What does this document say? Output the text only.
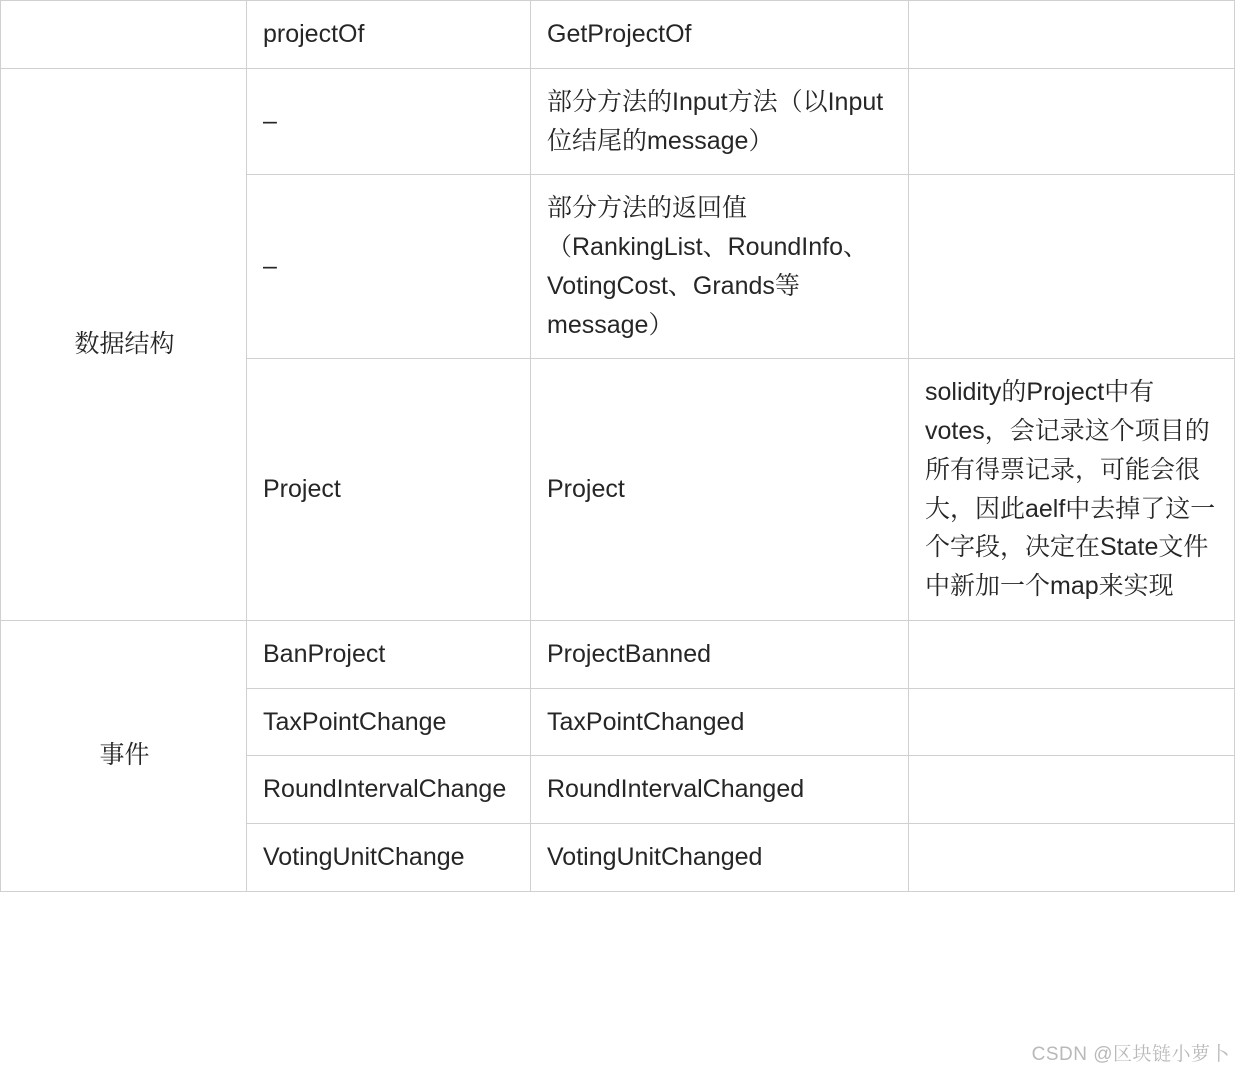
	projectOf	GetProjectOf	
数据结构	–	部分方法的Input方法（以Input位结尾的message）	
	–	部分方法的返回值（RankingList、RoundInfo、VotingCost、Grands等message）	
	Project	Project	solidity的Project中有votes，会记录这个项目的所有得票记录，可能会很大，因此aelf中去掉了这一个字段，决定在State文件中新加一个map来实现
事件	BanProject	ProjectBanned	
	TaxPointChange	TaxPointChanged	
	RoundIntervalChange	RoundIntervalChanged	
	VotingUnitChange	VotingUnitChanged	
CSDN @区块链小萝卜
